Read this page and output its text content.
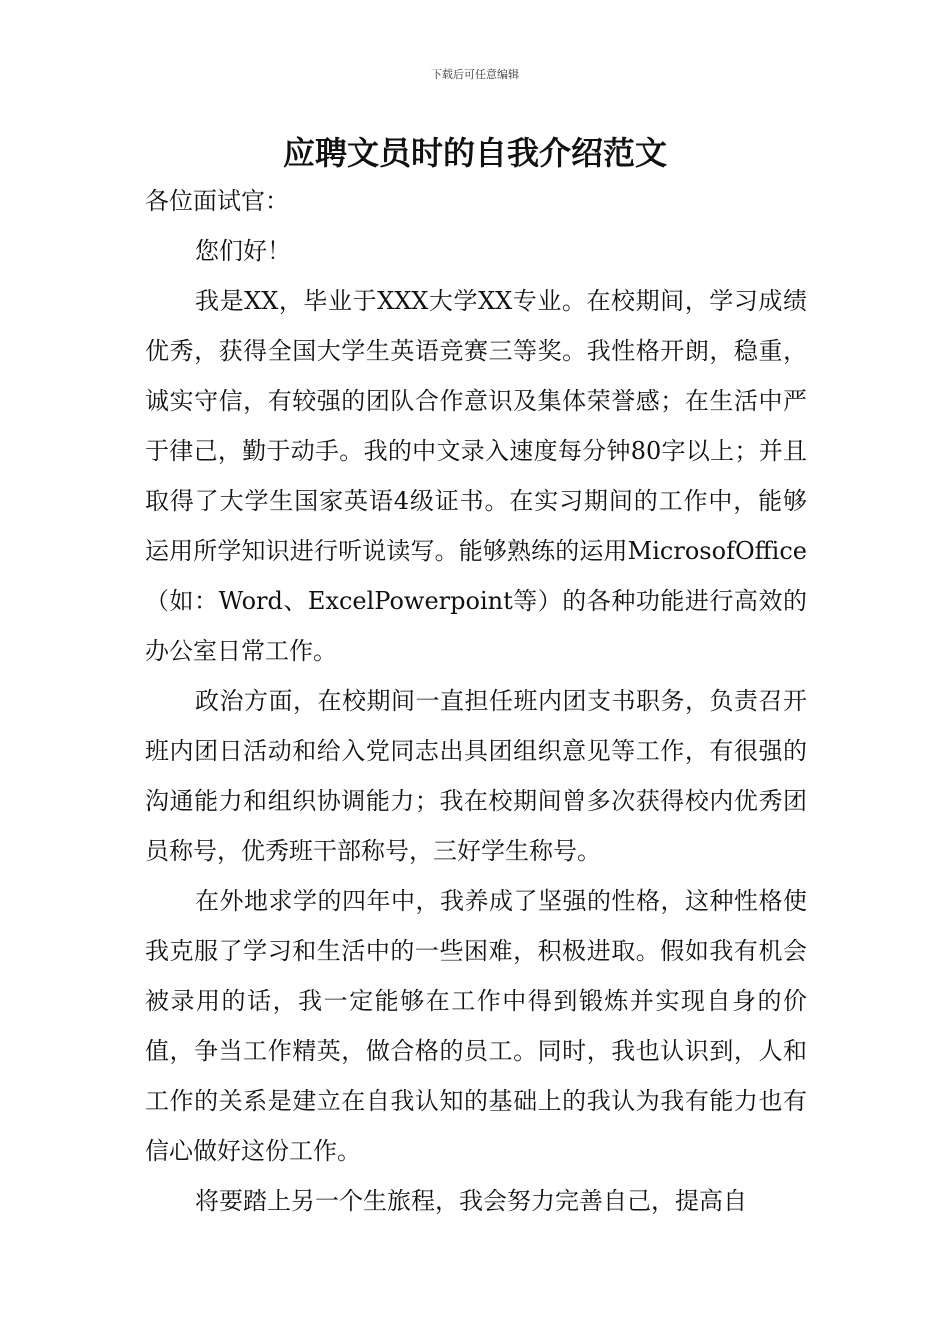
下载后可任意编辑
应聘文员时的自我介绍范文

各位面试官：

您们好！

我是XX，毕业于XXX大学XX专业。在校期间，学习成绩优秀，获得全国大学生英语竞赛三等奖。我性格开朗，稳重，诚实守信，有较强的团队合作意识及集体荣誉感；在生活中严于律己，勤于动手。我的中文录入速度每分钟80字以上；并且取得了大学生国家英语4级证书。在实习期间的工作中，能够运用所学知识进行听说读写。能够熟练的运用MicrosofOffice（如：Word、ExcelPowerpoint等）的各种功能进行高效的办公室日常工作。

政治方面，在校期间一直担任班内团支书职务，负责召开班内团日活动和给入党同志出具团组织意见等工作，有很强的沟通能力和组织协调能力；我在校期间曾多次获得校内优秀团员称号，优秀班干部称号，三好学生称号。

在外地求学的四年中，我养成了坚强的性格，这种性格使我克服了学习和生活中的一些困难，积极进取。假如我有机会被录用的话，我一定能够在工作中得到锻炼并实现自身的价值，争当工作精英，做合格的员工。同时，我也认识到，人和工作的关系是建立在自我认知的基础上的我认为我有能力也有信心做好这份工作。

将要踏上另一个生旅程，我会努力完善自己，提高自
